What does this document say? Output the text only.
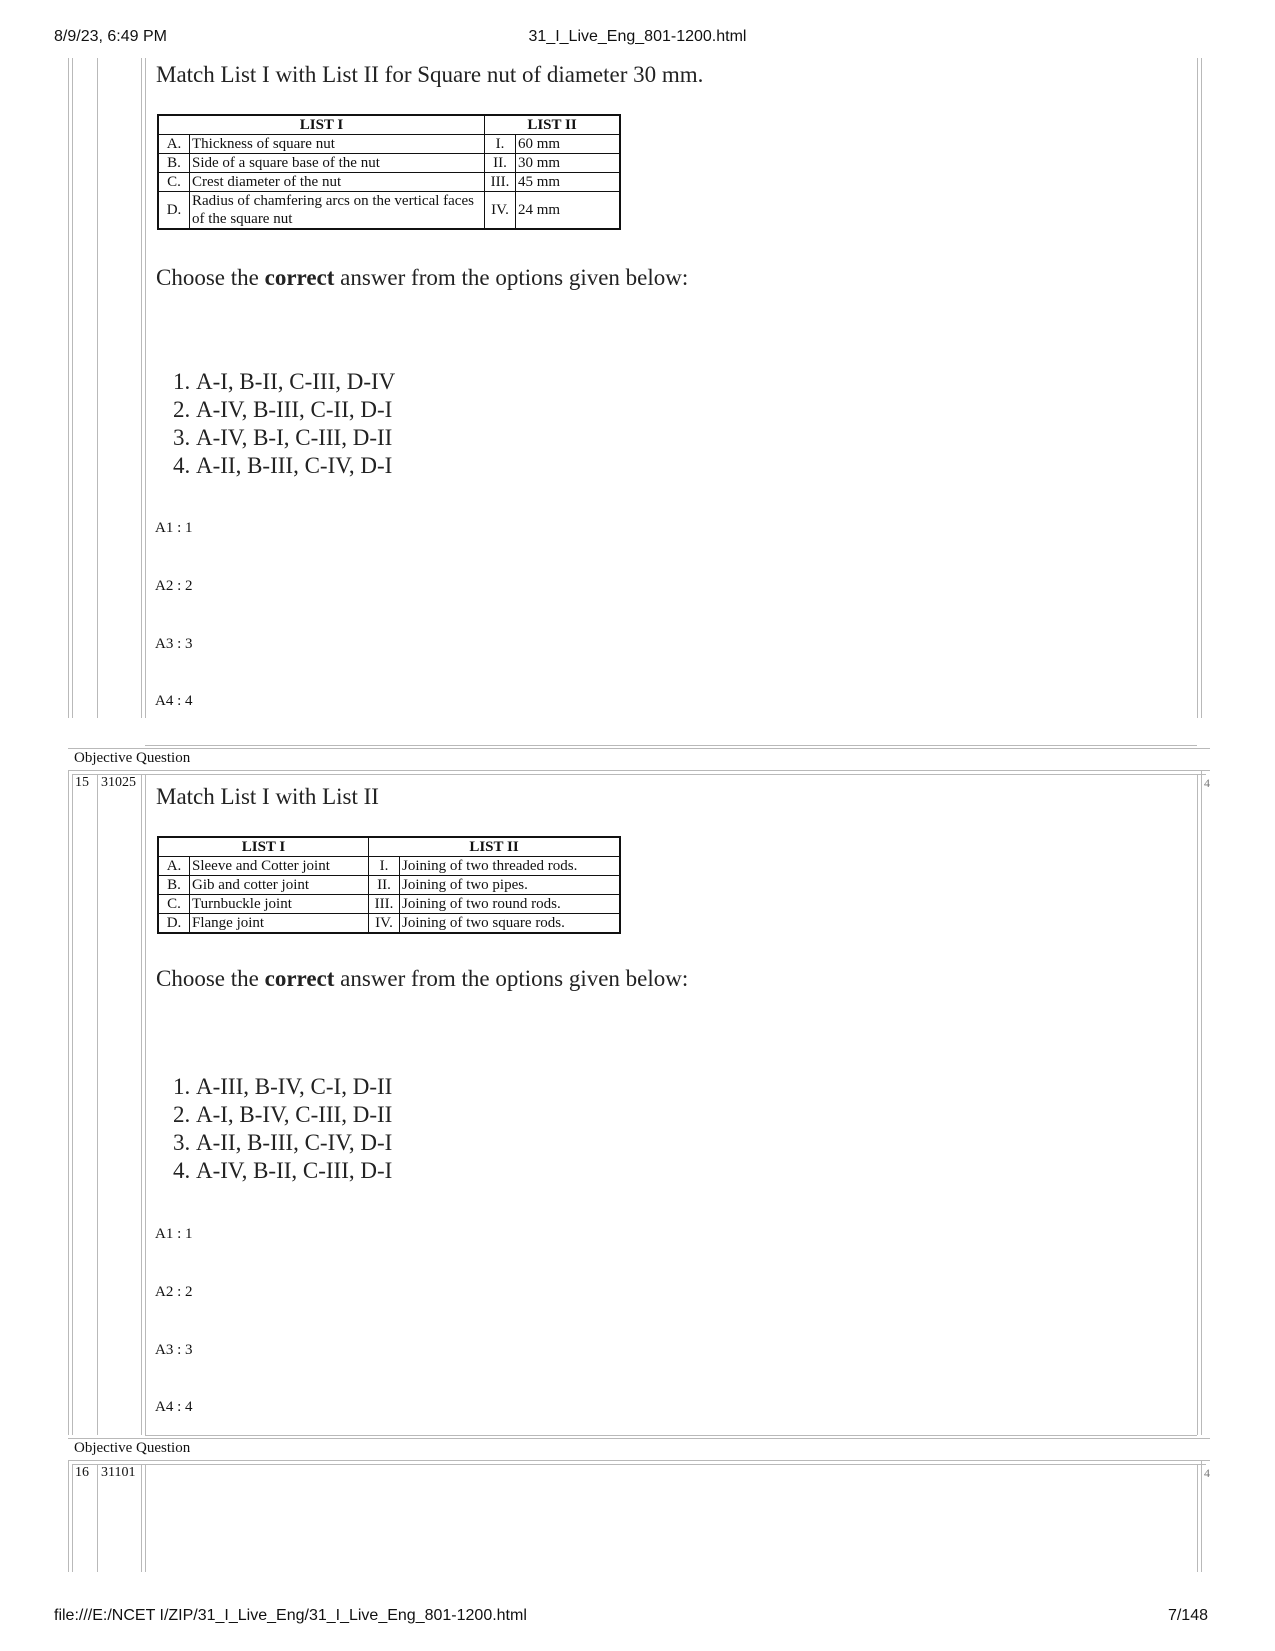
8/9/23, 6:49 PM	31_I_Live_Eng_801-1200.html
Match List I with List II for Square nut of diameter 30 mm.
LIST I		LIST II	
A.	Thickness of square nut	I.	60 mm
B.	Side of a square base of the nut	II.	30 mm
C.	Crest diameter of the nut	III.	45 mm
D.	Radius of chamfering arcs on the vertical faces of the square nut	IV.	24 mm
Choose the correct answer from the options given below:
1. A-I, B-II, C-III, D-IV
2. A-IV, B-III, C-II, D-I
3. A-IV, B-I, C-III, D-II
4. A-II, B-III, C-IV, D-I
A1 : 1
A2 : 2
A3 : 3
A4 : 4
Objective Question
15 31025	4
Match List I with List II
LIST I		LIST II	
A.	Sleeve and Cotter joint	I.	Joining of two threaded rods.
B.	Gib and cotter joint	II.	Joining of two pipes.
C.	Turnbuckle joint	III.	Joining of two round rods.
D.	Flange joint	IV.	Joining of two square rods.
Choose the correct answer from the options given below:
1. A-III, B-IV, C-I, D-II
2. A-I, B-IV, C-III, D-II
3. A-II, B-III, C-IV, D-I
4. A-IV, B-II, C-III, D-I
A1 : 1
A2 : 2
A3 : 3
A4 : 4
Objective Question
16 31101	4
file:///E:/NCET I/ZIP/31_I_Live_Eng/31_I_Live_Eng_801-1200.html	7/148
